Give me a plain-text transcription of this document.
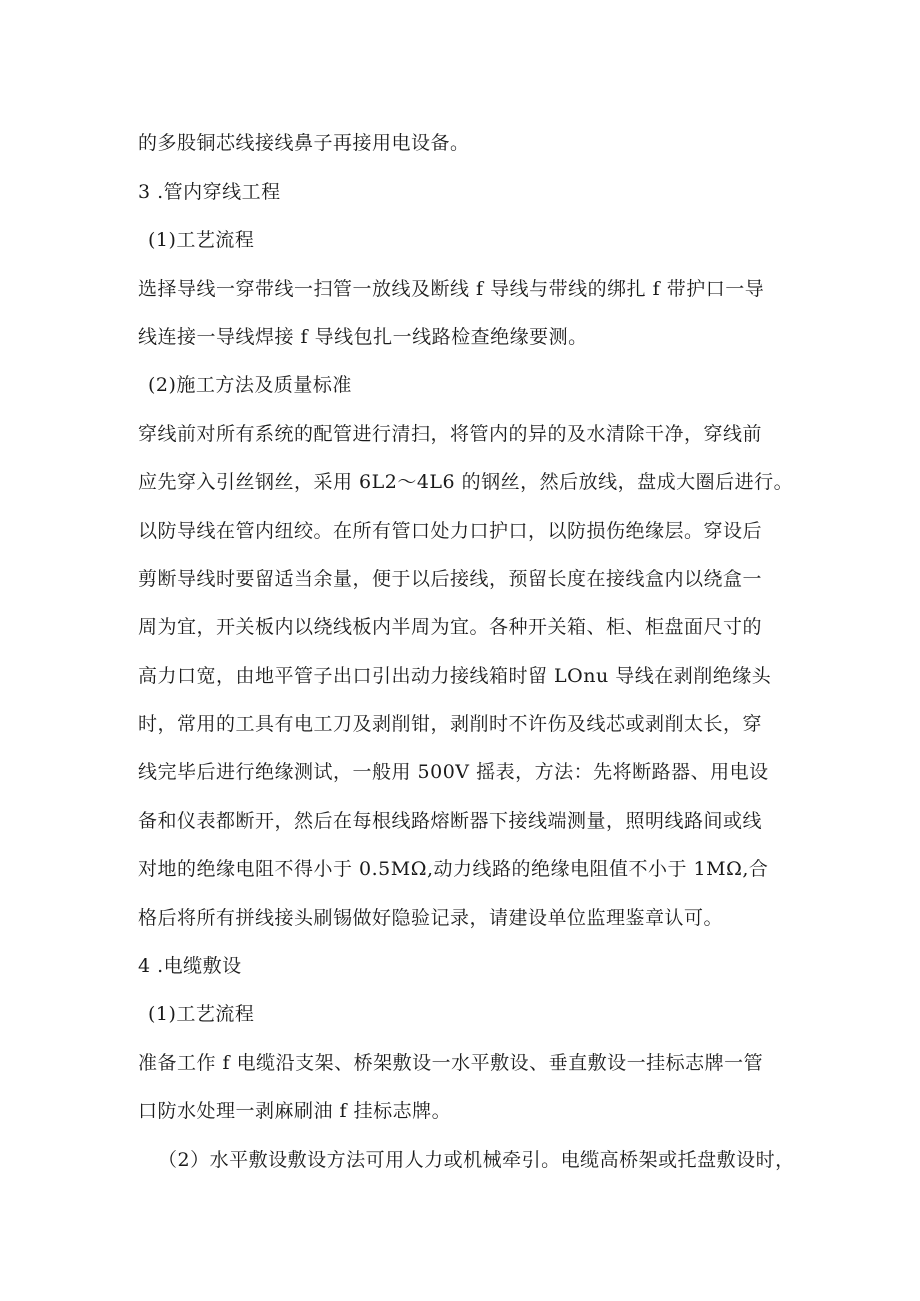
的多股铜芯线接线鼻子再接用电设备。
3 .管内穿线工程
(1)工艺流程
选择导线一穿带线一扫管一放线及断线 f 导线与带线的绑扎 f 带护口一导
线连接一导线焊接 f 导线包扎一线路检查绝缘要测。
(2)施工方法及质量标准
穿线前对所有系统的配管进行清扫，将管内的异的及水清除干净，穿线前
应先穿入引丝钢丝，采用 6L2～4L6 的钢丝，然后放线，盘成大圈后进行。
以防导线在管内纽绞。在所有管口处力口护口，以防损伤绝缘层。穿设后
剪断导线时要留适当余量，便于以后接线，预留长度在接线盒内以绕盒一
周为宜，开关板内以绕线板内半周为宜。各种开关箱、柜、柜盘面尺寸的
高力口宽，由地平管子出口引出动力接线箱时留 LOnu 导线在剥削绝缘头
时，常用的工具有电工刀及剥削钳，剥削时不许伤及线芯或剥削太长，穿
线完毕后进行绝缘测试，一般用 500V 摇表，方法：先将断路器、用电设
备和仪表都断开，然后在每根线路熔断器下接线端测量，照明线路间或线
对地的绝缘电阻不得小于 0.5MΩ,动力线路的绝缘电阻值不小于 1MΩ,合
格后将所有拼线接头刷锡做好隐验记录，请建设单位监理鉴章认可。
4 .电缆敷设
(1)工艺流程
准备工作 f 电缆沿支架、桥架敷设一水平敷设、垂直敷设一挂标志牌一管
口防水处理一剥麻刷油 f 挂标志牌。
（2）水平敷设敷设方法可用人力或机械牵引。电缆高桥架或托盘敷设时，
